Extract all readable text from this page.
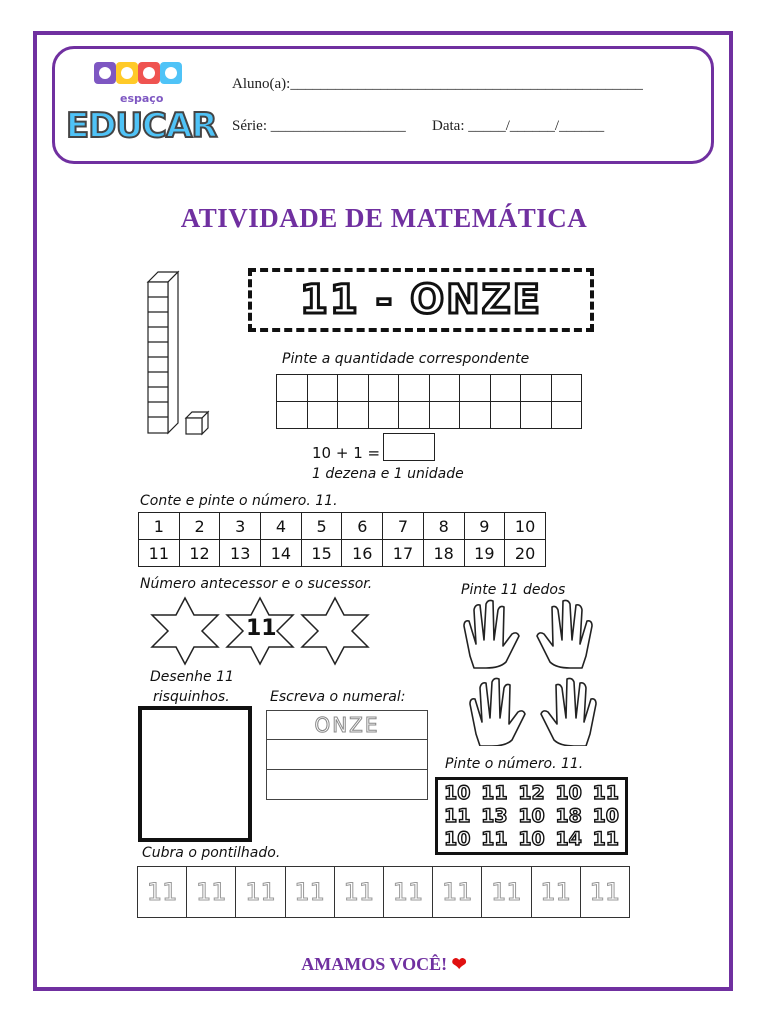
espaço
EDUCAR
Aluno(a):_______________________________________________
Série: __________________ Data: _____/______/______
ATIVIDADE DE MATEMÁTICA
11 - ONZE
Pinte a quantidade correspondente

10 + 1 =
1 dezena e 1 unidade
Conte e pinte o número. 11.
1	2	3	4	5	6	7	8	9	10
11	12	13	14	15	16	17	18	19	20
Número antecessor e o sucessor.
11
Pinte 11 dedos
Desenhe 11
risquinhos.	Escreva o numeral:
ONZE
Pinte o número. 11.
10 11 12 10 11
11 13 10 18 10
10 11 10 14 11
Cubra o pontilhado.
11	11	11	11	11	11	11	11	11	11
AMAMOS VOCÊ! ❤
